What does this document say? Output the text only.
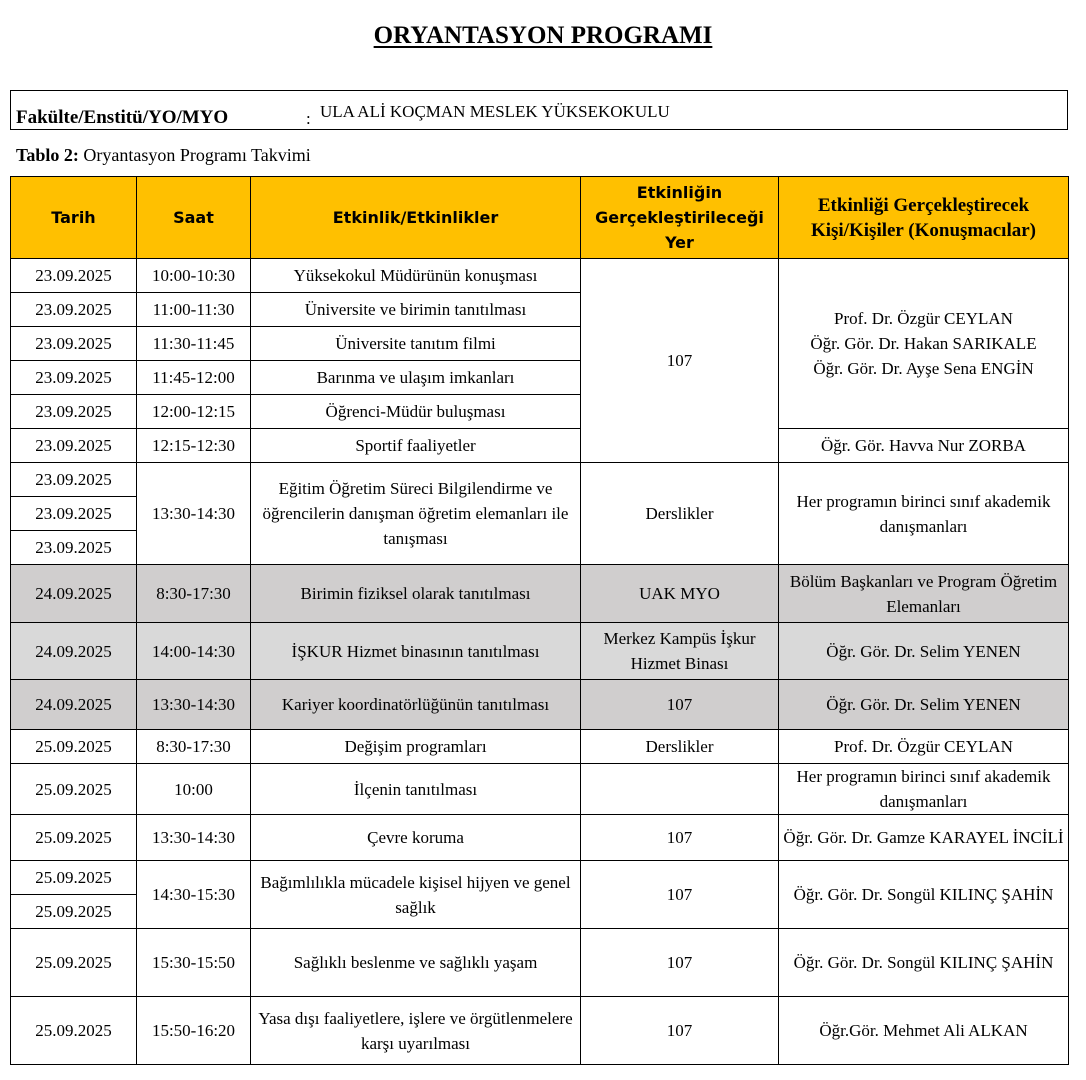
ORYANTASYON PROGRAMI
Fakülte/Enstitü/YO/MYO	: ULA ALİ KOÇMAN MESLEK YÜKSEKOKULU
Tablo 2: Oryantasyon Programı Takvimi
Tarih	Saat	Etkinlik/Etkinlikler	Etkinliğin Gerçekleştirileceği Yer	Etkinliği Gerçekleştirecek Kişi/Kişiler (Konuşmacılar)
23.09.2025	10:00-10:30	Yüksekokul Müdürünün konuşması	107	Prof. Dr. Özgür CEYLAN
Öğr. Gör. Dr. Hakan SARIKALE
Öğr. Gör. Dr. Ayşe Sena ENGİN
23.09.2025	11:00-11:30	Üniversite ve birimin tanıtılması		
23.09.2025	11:30-11:45	Üniversite tanıtım filmi		
23.09.2025	11:45-12:00	Barınma ve ulaşım imkanları		
23.09.2025	12:00-12:15	Öğrenci-Müdür buluşması		
23.09.2025	12:15-12:30	Sportif faaliyetler		Öğr. Gör. Havva Nur ZORBA
23.09.2025	13:30-14:30	Eğitim Öğretim Süreci Bilgilendirme ve öğrencilerin danışman öğretim elemanları ile tanışması	Derslikler	Her programın birinci sınıf akademik danışmanları
23.09.2025				
23.09.2025				
24.09.2025	8:30-17:30	Birimin fiziksel olarak tanıtılması	UAK MYO	Bölüm Başkanları ve Program Öğretim Elemanları
24.09.2025	14:00-14:30	İŞKUR Hizmet binasının tanıtılması	Merkez Kampüs İşkur Hizmet Binası	Öğr. Gör. Dr. Selim YENEN
24.09.2025	13:30-14:30	Kariyer koordinatörlüğünün tanıtılması	107	Öğr. Gör. Dr. Selim YENEN
25.09.2025	8:30-17:30	Değişim programları	Derslikler	Prof. Dr. Özgür CEYLAN
25.09.2025	10:00	İlçenin tanıtılması		Her programın birinci sınıf akademik danışmanları
25.09.2025	13:30-14:30	Çevre koruma	107	Öğr. Gör. Dr. Gamze KARAYEL İNCİLİ
25.09.2025	14:30-15:30	Bağımlılıkla mücadele kişisel hijyen ve genel sağlık	107	Öğr. Gör. Dr. Songül KILINÇ ŞAHİN
25.09.2025				
25.09.2025	15:30-15:50	Sağlıklı beslenme ve sağlıklı yaşam	107	Öğr. Gör. Dr. Songül KILINÇ ŞAHİN
25.09.2025	15:50-16:20	Yasa dışı faaliyetlere, işlere ve örgütlenmelere karşı uyarılması	107	Öğr.Gör. Mehmet Ali ALKAN
